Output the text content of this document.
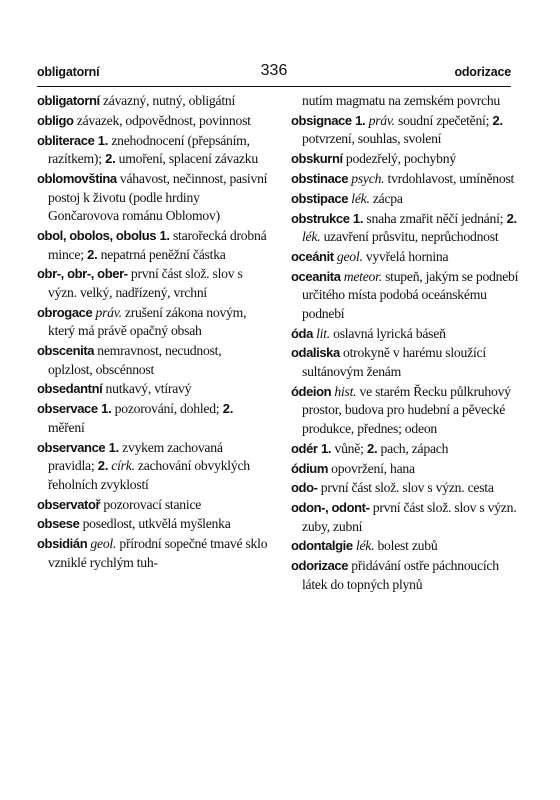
obligatorní	336	odorizace
obligatorní závazný, nutný, obligátní
obligo závazek, odpovědnost, povinnost
obliterace 1. znehodnocení (přepsáním, razítkem); 2. umoření, splacení závazku
oblomovština váhavost, nečinnost, pasivní postoj k životu (podle hrdiny Gončarovova románu Oblomov)
obol, obolos, obolus 1. starořecká drobná mince; 2. nepatrná peněžní částka
obr-, obr-, ober- první část slož. slov s význ. velký, nadřízený, vrchní
obrogace práv. zrušení zákona novým, který má právě opačný obsah
obscenita nemravnost, necudnost, oplzlost, obscénnost
obsedantní nutkavý, vtíravý
observace 1. pozorování, dohled; 2. měření
observance 1. zvykem zachovaná pravidla; 2. círk. zachování obvyklých řeholních zvyklostí
observatoř pozorovací stanice
obsese posedlost, utkvělá myšlenka
obsidián geol. přírodní sopečné tmavé sklo vzniklé rychlým tuh-
nutím magmatu na zemském povrchu
obsignace 1. práv. soudní zpečetění; 2. potvrzení, souhlas, svolení
obskurní podezřelý, pochybný
obstinace psych. tvrdohlavost, umíněnost
obstipace lék. zácpa
obstrukce 1. snaha zmařit něčí jednání; 2. lék. uzavření průsvitu, neprůchodnost
oceánit geol. vyvřelá hornina
oceanita meteor. stupeň, jakým se podnebí určitého místa podobá oceánskému podnebí
óda lit. oslavná lyrická báseň
odaliska otrokyně v harému sloužící sultánovým ženám
ódeion hist. ve starém Řecku půlkruhový prostor, budova pro hudební a pěvecké produkce, přednes; odeon
odér 1. vůně; 2. pach, zápach
ódium opovržení, hana
odo- první část slož. slov s význ. cesta
odon-, odont- první část slož. slov s význ. zuby, zubní
odontalgie lék. bolest zubů
odorizace přidávání ostře páchnoucích látek do topných plynů
